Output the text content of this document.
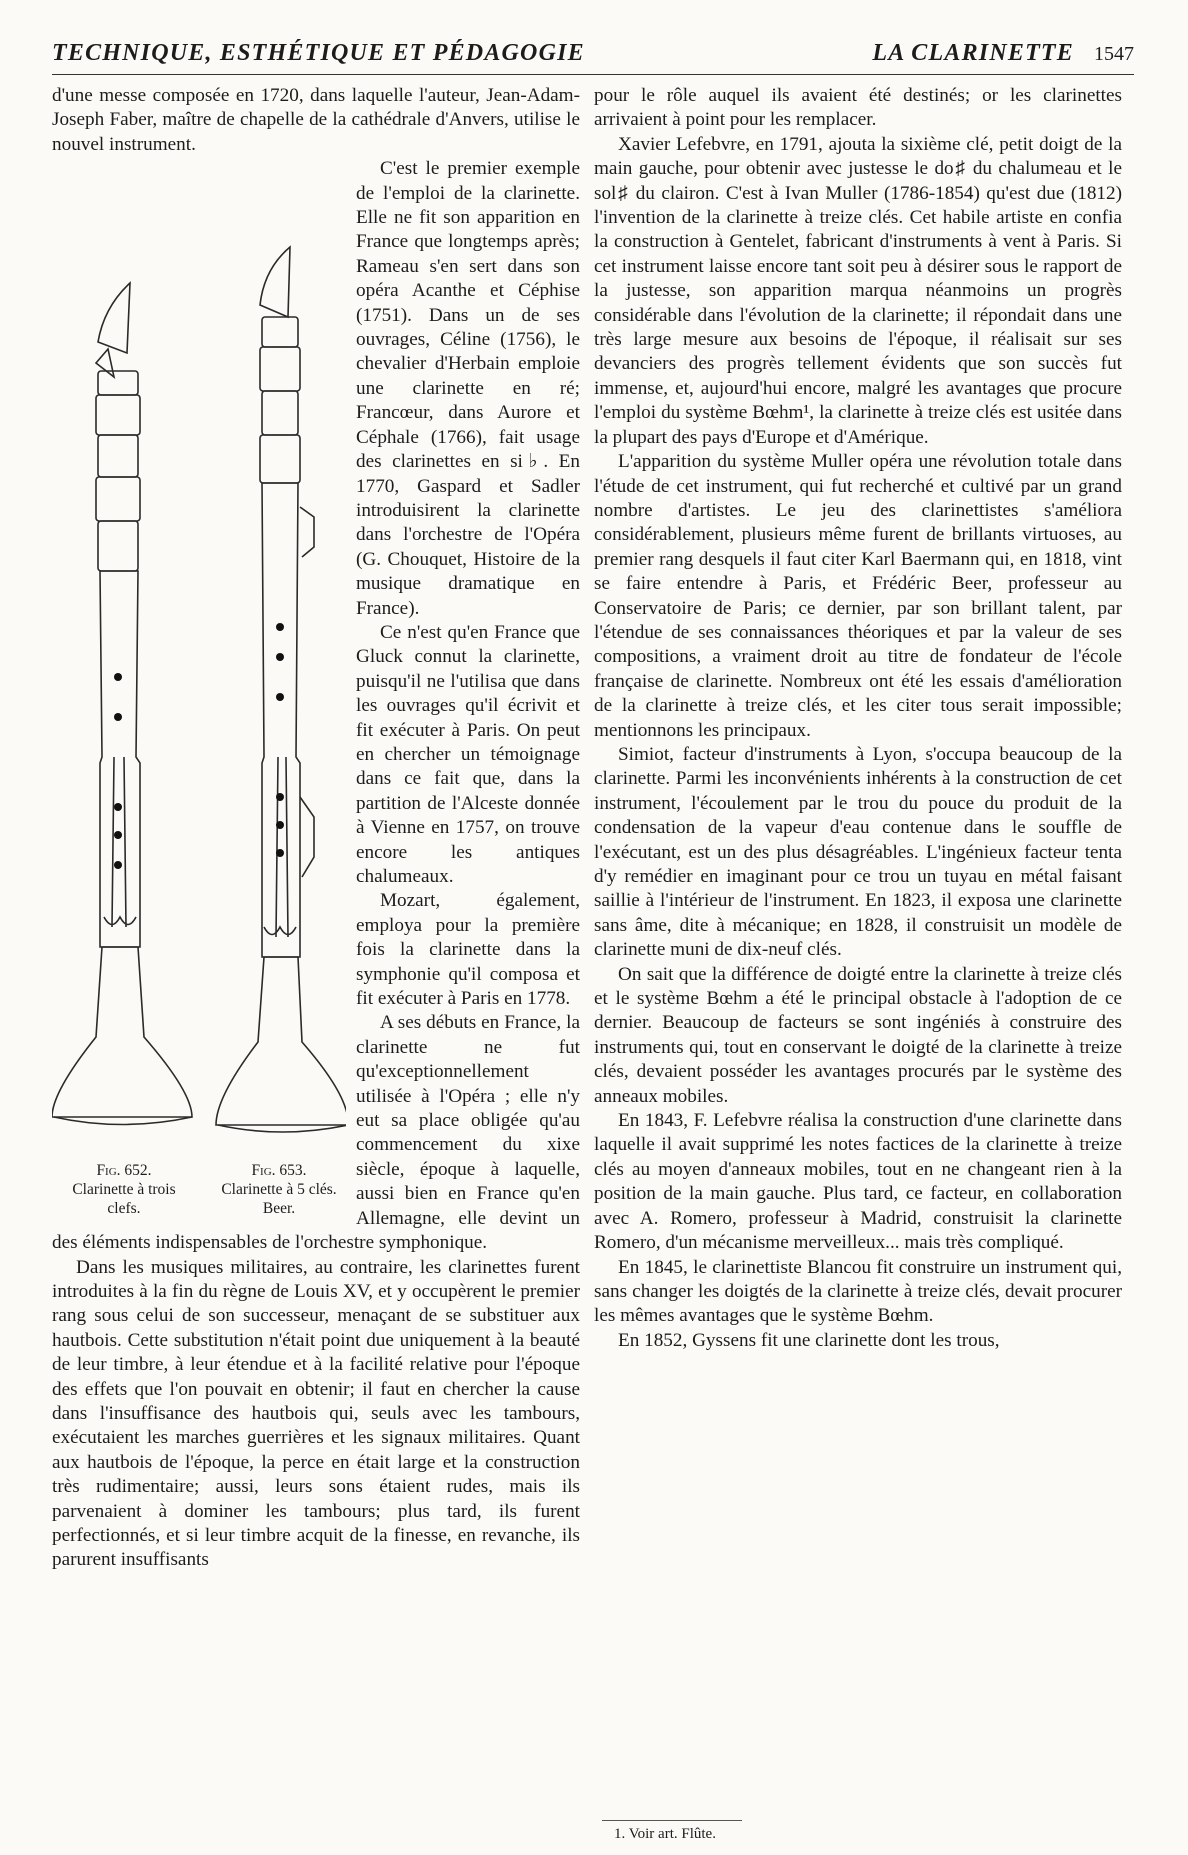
TECHNIQUE, ESTHÉTIQUE ET PÉDAGOGIE	LA CLARINETTE 1547

d'une messe composée en 1720, dans laquelle l'auteur, Jean-Adam-Joseph Faber, maître de chapelle de la cathédrale d'Anvers, utilise le nouvel instrument.

Fig. 652.
Clarinette à trois clefs.
Fig. 653.
Clarinette à 5 clés. Beer.

C'est le premier exemple de l'emploi de la clarinette. Elle ne fit son apparition en France que longtemps après; Rameau s'en sert dans son opéra Acanthe et Céphise (1751). Dans un de ses ouvrages, Céline (1756), le chevalier d'Herbain emploie une clarinette en ré; Francœur, dans Aurore et Céphale (1766), fait usage des clarinettes en si♭. En 1770, Gaspard et Sadler introduisirent la clarinette dans l'orchestre de l'Opéra (G. Chouquet, Histoire de la musique dramatique en France).

Ce n'est qu'en France que Gluck connut la clarinette, puisqu'il ne l'utilisa que dans les ouvrages qu'il écrivit et fit exécuter à Paris. On peut en chercher un témoignage dans ce fait que, dans la partition de l'Alceste donnée à Vienne en 1757, on trouve encore les antiques chalumeaux.

Mozart, également, employa pour la première fois la clarinette dans la symphonie qu'il composa et fit exécuter à Paris en 1778.

A ses débuts en France, la clarinette ne fut qu'exceptionnellement utilisée à l'Opéra ; elle n'y eut sa place obligée qu'au commencement du xixe siècle, époque à laquelle, aussi bien en France qu'en Allemagne, elle devint un des éléments indispensables de l'orchestre symphonique.

Dans les musiques militaires, au contraire, les clarinettes furent introduites à la fin du règne de Louis XV, et y occupèrent le premier rang sous celui de son successeur, menaçant de se substituer aux hautbois. Cette substitution n'était point due uniquement à la beauté de leur timbre, à leur étendue et à la facilité relative pour l'époque des effets que l'on pouvait en obtenir; il faut en chercher la cause dans l'insuffisance des hautbois qui, seuls avec les tambours, exécutaient les marches guerrières et les signaux militaires. Quant aux hautbois de l'époque, la perce en était large et la construction très rudimentaire; aussi, leurs sons étaient rudes, mais ils parvenaient à dominer les tambours; plus tard, ils furent perfectionnés, et si leur timbre acquit de la finesse, en revanche, ils parurent insuffisants

pour le rôle auquel ils avaient été destinés; or les clarinettes arrivaient à point pour les remplacer.

Xavier Lefebvre, en 1791, ajouta la sixième clé, petit doigt de la main gauche, pour obtenir avec justesse le do♯ du chalumeau et le sol♯ du clairon. C'est à Ivan Muller (1786-1854) qu'est due (1812) l'invention de la clarinette à treize clés. Cet habile artiste en confia la construction à Gentelet, fabricant d'instruments à vent à Paris. Si cet instrument laisse encore tant soit peu à désirer sous le rapport de la justesse, son apparition marqua néanmoins un progrès considérable dans l'évolution de la clarinette; il répondait dans une très large mesure aux besoins de l'époque, il réalisait sur ses devanciers des progrès tellement évidents que son succès fut immense, et, aujourd'hui encore, malgré les avantages que procure l'emploi du système Bœhm¹, la clarinette à treize clés est usitée dans la plupart des pays d'Europe et d'Amérique.

L'apparition du système Muller opéra une révolution totale dans l'étude de cet instrument, qui fut recherché et cultivé par un grand nombre d'artistes. Le jeu des clarinettistes s'améliora considérablement, plusieurs même furent de brillants virtuoses, au premier rang desquels il faut citer Karl Baermann qui, en 1818, vint se faire entendre à Paris, et Frédéric Beer, professeur au Conservatoire de Paris; ce dernier, par son brillant talent, par l'étendue de ses connaissances théoriques et par la valeur de ses compositions, a vraiment droit au titre de fondateur de l'école française de clarinette. Nombreux ont été les essais d'amélioration de la clarinette à treize clés, et les citer tous serait impossible; mentionnons les principaux.

Simiot, facteur d'instruments à Lyon, s'occupa beaucoup de la clarinette. Parmi les inconvénients inhérents à la construction de cet instrument, l'écoulement par le trou du pouce du produit de la condensation de la vapeur d'eau contenue dans le souffle de l'exécutant, est un des plus désagréables. L'ingénieux facteur tenta d'y remédier en imaginant pour ce trou un tuyau en métal faisant saillie à l'intérieur de l'instrument. En 1823, il exposa une clarinette sans âme, dite à mécanique; en 1828, il construisit un modèle de clarinette muni de dix-neuf clés.

On sait que la différence de doigté entre la clarinette à treize clés et le système Bœhm a été le principal obstacle à l'adoption de ce dernier. Beaucoup de facteurs se sont ingéniés à construire des instruments qui, tout en conservant le doigté de la clarinette à treize clés, devaient posséder les avantages procurés par le système des anneaux mobiles.

En 1843, F. Lefebvre réalisa la construction d'une clarinette dans laquelle il avait supprimé les notes factices de la clarinette à treize clés au moyen d'anneaux mobiles, tout en ne changeant rien à la position de la main gauche. Plus tard, ce facteur, en collaboration avec A. Romero, professeur à Madrid, construisit la clarinette Romero, d'un mécanisme merveilleux... mais très compliqué.

En 1845, le clarinettiste Blancou fit construire un instrument qui, sans changer les doigtés de la clarinette à treize clés, devait procurer les mêmes avantages que le système Bœhm.

En 1852, Gyssens fit une clarinette dont les trous,

1. Voir art. Flûte.
